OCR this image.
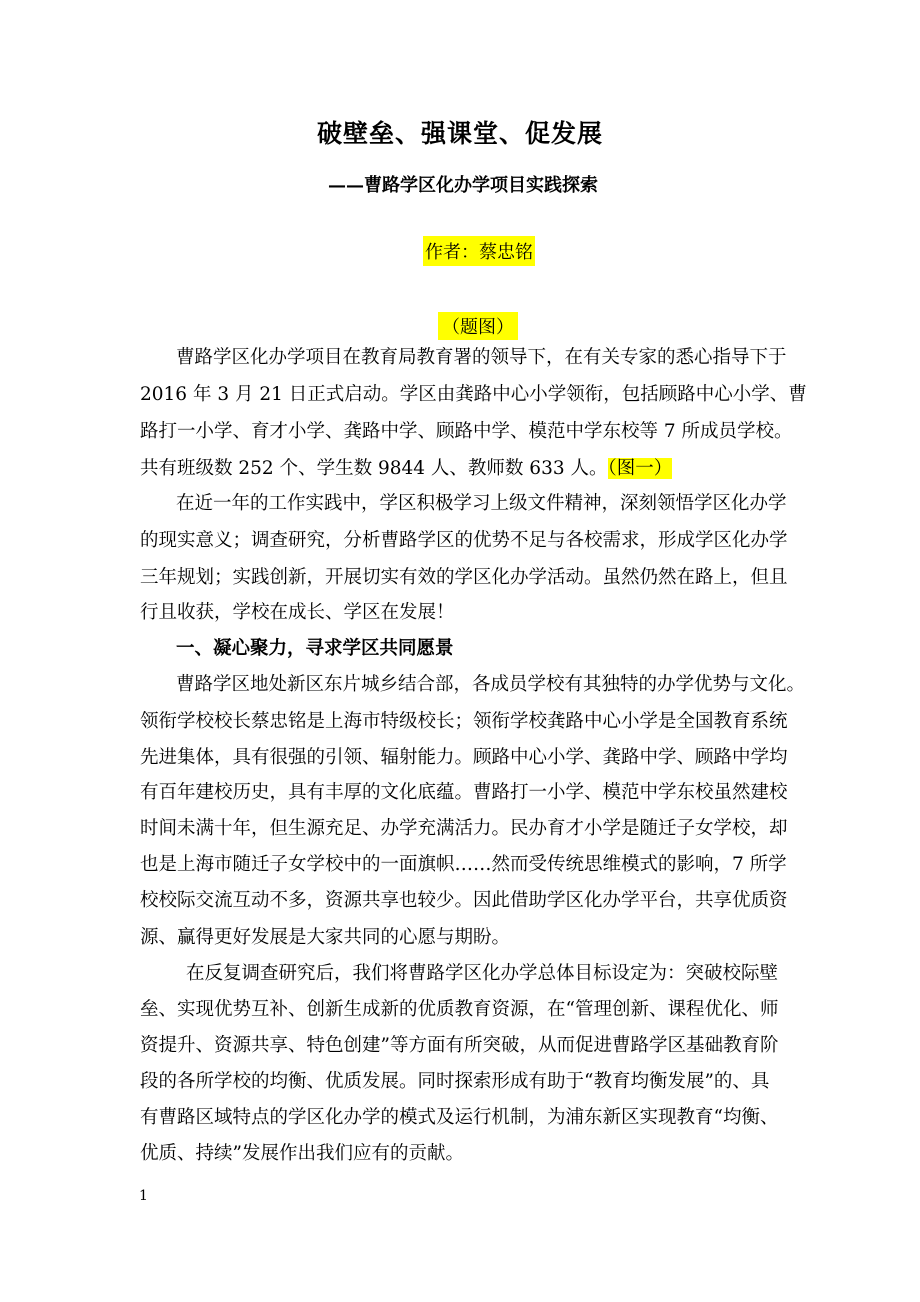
破壁垒、强课堂、促发展
——曹路学区化办学项目实践探索
作者：蔡忠铭
（题图）
曹路学区化办学项目在教育局教育署的领导下，在有关专家的悉心指导下于
2016 年 3 月 21 日正式启动。学区由龚路中心小学领衔，包括顾路中心小学、曹
路打一小学、育才小学、龚路中学、顾路中学、模范中学东校等 7 所成员学校。
共有班级数 252 个、学生数 9844 人、教师数 633 人。（图一）
在近一年的工作实践中，学区积极学习上级文件精神，深刻领悟学区化办学
的现实意义；调查研究，分析曹路学区的优势不足与各校需求，形成学区化办学
三年规划；实践创新，开展切实有效的学区化办学活动。虽然仍然在路上，但且
行且收获，学校在成长、学区在发展！
一、凝心聚力，寻求学区共同愿景
曹路学区地处新区东片城乡结合部，各成员学校有其独特的办学优势与文化。
领衔学校校长蔡忠铭是上海市特级校长；领衔学校龚路中心小学是全国教育系统
先进集体，具有很强的引领、辐射能力。顾路中心小学、龚路中学、顾路中学均
有百年建校历史，具有丰厚的文化底蕴。曹路打一小学、模范中学东校虽然建校
时间未满十年，但生源充足、办学充满活力。民办育才小学是随迁子女学校，却
也是上海市随迁子女学校中的一面旗帜……然而受传统思维模式的影响，7 所学
校校际交流互动不多，资源共享也较少。因此借助学区化办学平台，共享优质资
源、赢得更好发展是大家共同的心愿与期盼。
在反复调查研究后，我们将曹路学区化办学总体目标设定为：突破校际壁
垒、实现优势互补、创新生成新的优质教育资源，在“管理创新、课程优化、师
资提升、资源共享、特色创建”等方面有所突破，从而促进曹路学区基础教育阶
段的各所学校的均衡、优质发展。同时探索形成有助于“教育均衡发展”的、具
有曹路区域特点的学区化办学的模式及运行机制，为浦东新区实现教育“均衡、
优质、持续”发展作出我们应有的贡献。
1
